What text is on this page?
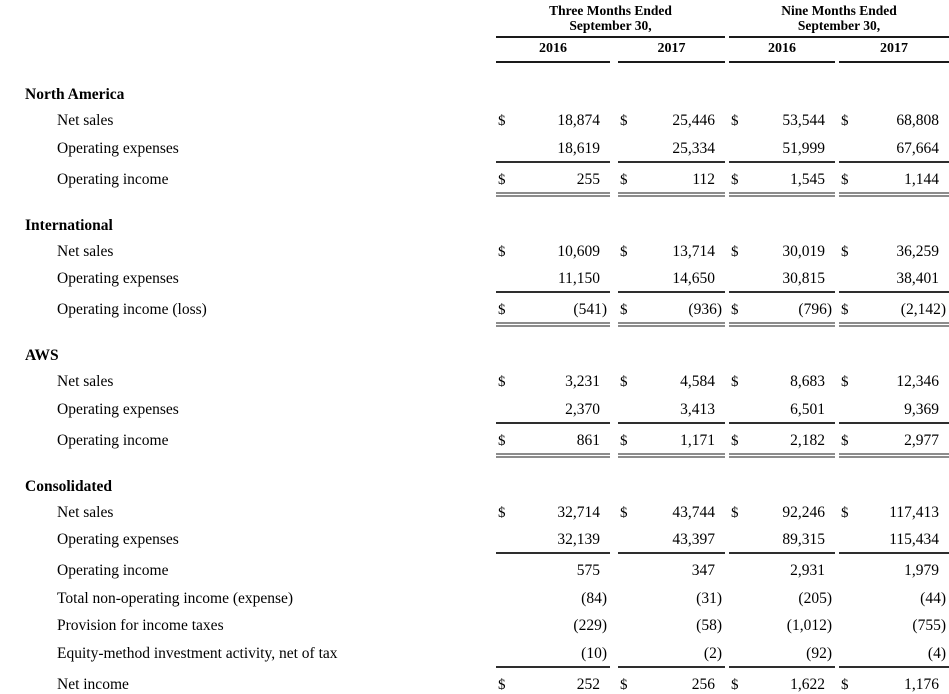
Three Months Ended
September 30,
Nine Months Ended
September 30,
2016	2017	2016	2017
North America
Net sales	$	18,874 $	25,446 $	53,544 $	68,808
Operating expenses	18,619	25,334	51,999	67,664
Operating income	$	255 $	112 $	1,545 $	1,144
International
Net sales	$	10,609 $	13,714 $	30,019 $	36,259
Operating expenses	11,150	14,650	30,815	38,401
Operating income (loss)	$	(541) $	(936) $	(796) $	(2,142)
AWS
Net sales	$	3,231 $	4,584 $	8,683 $	12,346
Operating expenses	2,370	3,413	6,501	9,369
Operating income	$	861 $	1,171 $	2,182 $	2,977
Consolidated
Net sales	$	32,714 $	43,744 $	92,246 $	117,413
Operating expenses	32,139	43,397	89,315	115,434
Operating income	575	347	2,931	1,979
Total non-operating income (expense)	(84)	(31)	(205)	(44)
Provision for income taxes	(229)	(58)	(1,012)	(755)
Equity-method investment activity, net of tax	(10)	(2)	(92)	(4)
Net income	$	252 $	256 $	1,622 $	1,176
